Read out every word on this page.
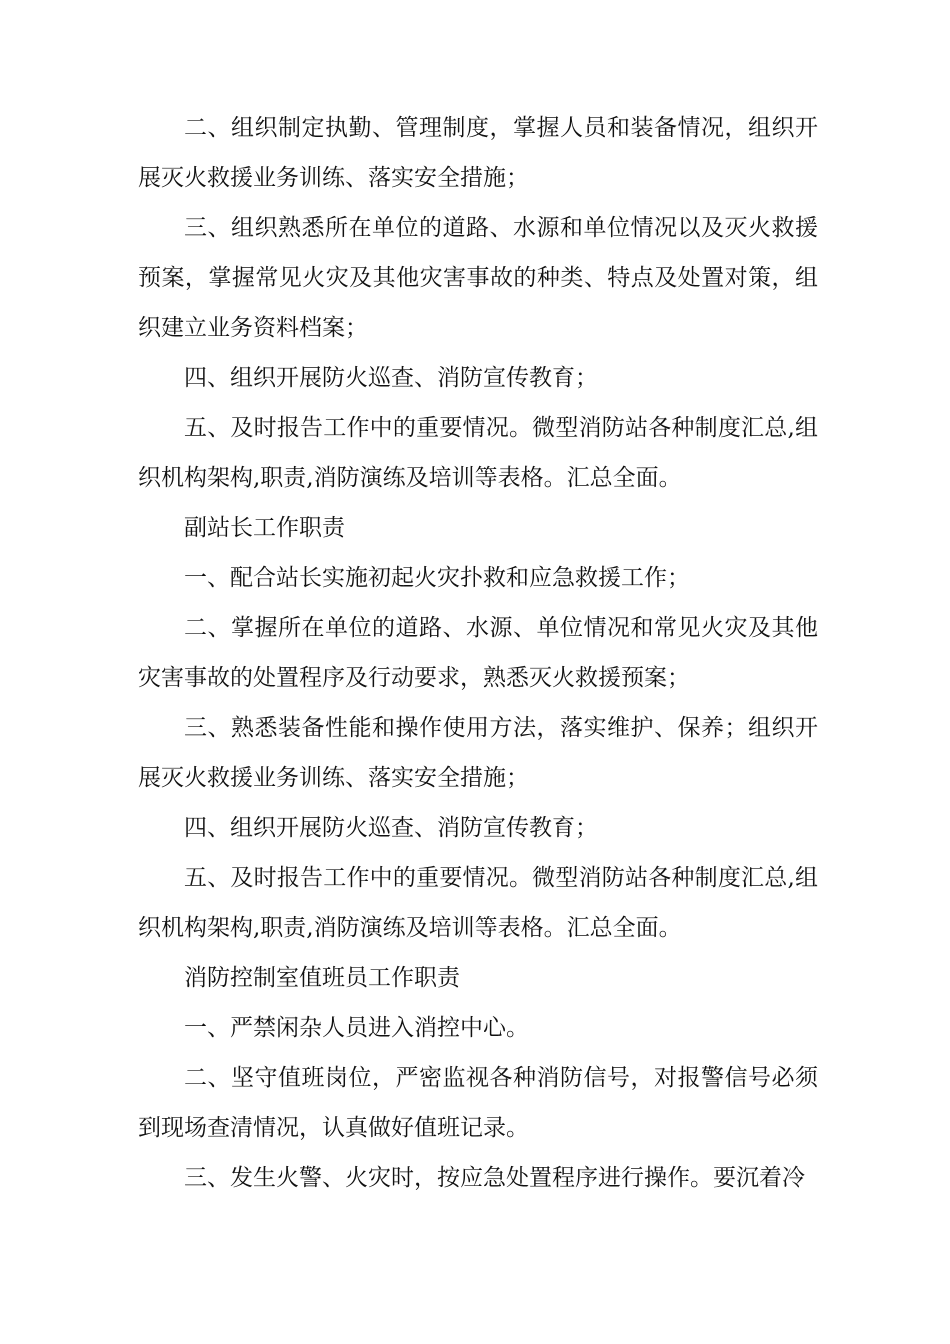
二、组织制定执勤、管理制度，掌握人员和装备情况，组织开展灭火救援业务训练、落实安全措施；

三、组织熟悉所在单位的道路、水源和单位情况以及灭火救援预案，掌握常见火灾及其他灾害事故的种类、特点及处置对策，组织建立业务资料档案；

四、组织开展防火巡查、消防宣传教育；

五、及时报告工作中的重要情况。微型消防站各种制度汇总,组织机构架构,职责,消防演练及培训等表格。汇总全面。

副站长工作职责

一、配合站长实施初起火灾扑救和应急救援工作；

二、掌握所在单位的道路、水源、单位情况和常见火灾及其他灾害事故的处置程序及行动要求，熟悉灭火救援预案；

三、熟悉装备性能和操作使用方法，落实维护、保养；组织开展灭火救援业务训练、落实安全措施；

四、组织开展防火巡查、消防宣传教育；

五、及时报告工作中的重要情况。微型消防站各种制度汇总,组织机构架构,职责,消防演练及培训等表格。汇总全面。

消防控制室值班员工作职责

一、严禁闲杂人员进入消控中心。

二、坚守值班岗位，严密监视各种消防信号，对报警信号必须到现场查清情况，认真做好值班记录。

三、发生火警、火灾时，按应急处置程序进行操作。要沉着冷
